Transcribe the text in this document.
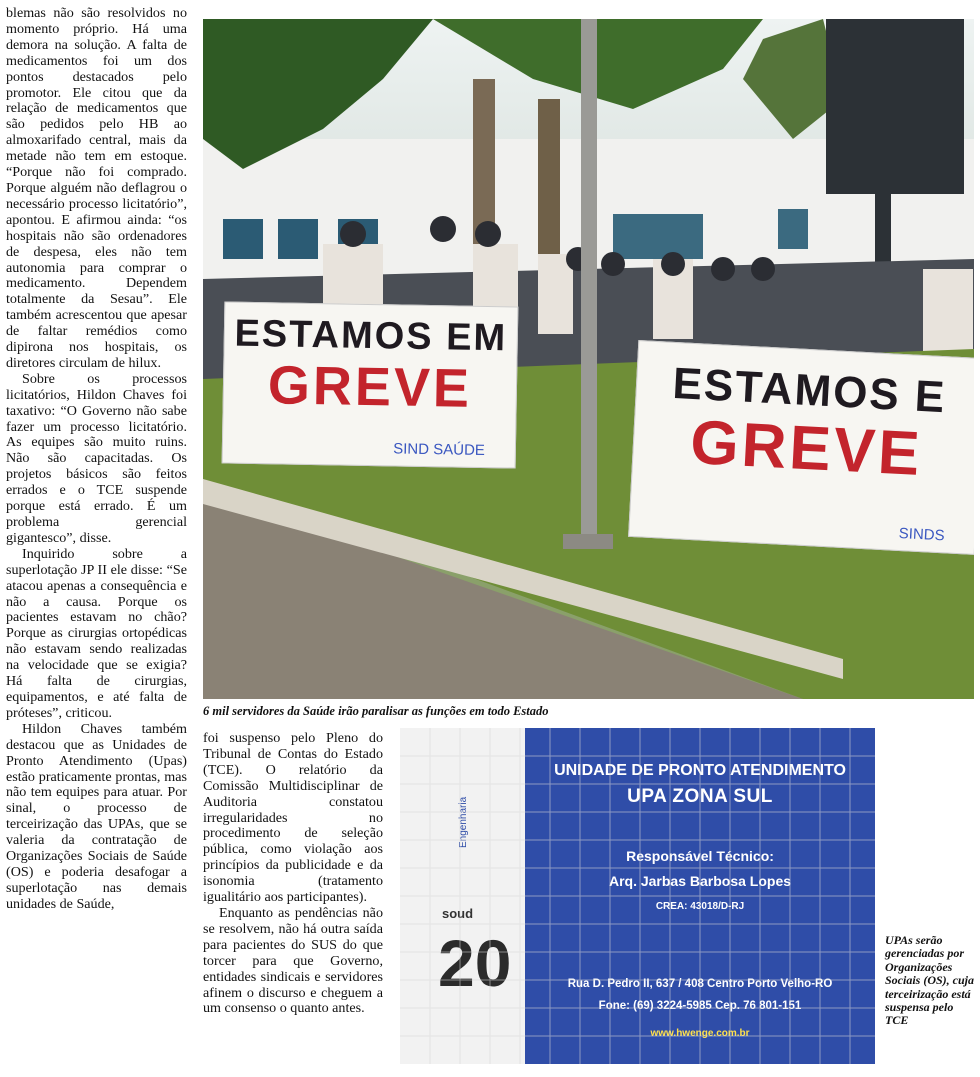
blemas não são resolvidos no momento próprio. Há uma demora na solução. A falta de medicamentos foi um dos pontos destacados pelo promotor. Ele citou que da relação de medicamentos que são pedidos pelo HB ao almoxarifado central, mais da metade não tem em estoque. “Porque não foi comprado. Porque alguém não deflagrou o necessário processo licitatório”, apontou. E afirmou ainda: “os hospitais não são ordenadores de despesa, eles não tem autonomia para comprar o medicamento. Dependem totalmente da Sesau”. Ele também acrescentou que apesar de faltar remédios como dipirona nos hospitais, os diretores circulam de hilux.

Sobre os processos licitatórios, Hildon Chaves foi taxativo: “O Governo não sabe fazer um processo licitatório. As equipes são muito ruins. Não são capacitadas. Os projetos básicos são feitos errados e o TCE suspende porque está errado. É um problema gerencial gigantesco”, disse.

Inquirido sobre a superlotação JP II ele disse: “Se atacou apenas a consequência e não a causa. Porque os pacientes estavam no chão? Porque as cirurgias ortopédicas não estavam sendo realizadas na velocidade que se exigia? Há falta de cirurgias, equipamentos, e até falta de próteses”, criticou.

Hildon Chaves também destacou que as Unidades de Pronto Atendimento (Upas) estão praticamente prontas, mas não tem equipes para atuar. Por sinal, o processo de terceirização das UPAs, que se valeria da contratação de Organizações Sociais de Saúde (OS) e poderia desafogar a superlotação nas demais unidades de Saúde,

ESTAMOS EM
GREVE
SIND SAÚDE
ESTAMOS E
GREVE
SINDS
6 mil servidores da Saúde irão paralisar as funções em todo Estado

foi suspenso pelo Pleno do Tribunal de Contas do Estado (TCE). O relatório da Comissão Multidisciplinar de Auditoria constatou irregularidades no procedimento de seleção pública, como violação aos princípios da publicidade e da isonomia (tratamento igualitário aos participantes).

Enquanto as pendências não se resolvem, não há outra saída para pacientes do SUS do que torcer para que Governo, entidades sindicais e servidores afinem o discurso e cheguem a um consenso o quanto antes.

Engenharia
soud
20
UNIDADE DE PRONTO ATENDIMENTO
UPA ZONA SUL
Responsável Técnico:
Arq. Jarbas Barbosa Lopes
CREA: 43018/D-RJ
Rua D. Pedro II, 637 / 408 Centro Porto Velho-RO
Fone: (69) 3224-5985 Cep. 76 801-151
www.hwenge.com.br
UPAs serão gerenciadas por Organizações Sociais (OS), cuja terceirização está suspensa pelo TCE
